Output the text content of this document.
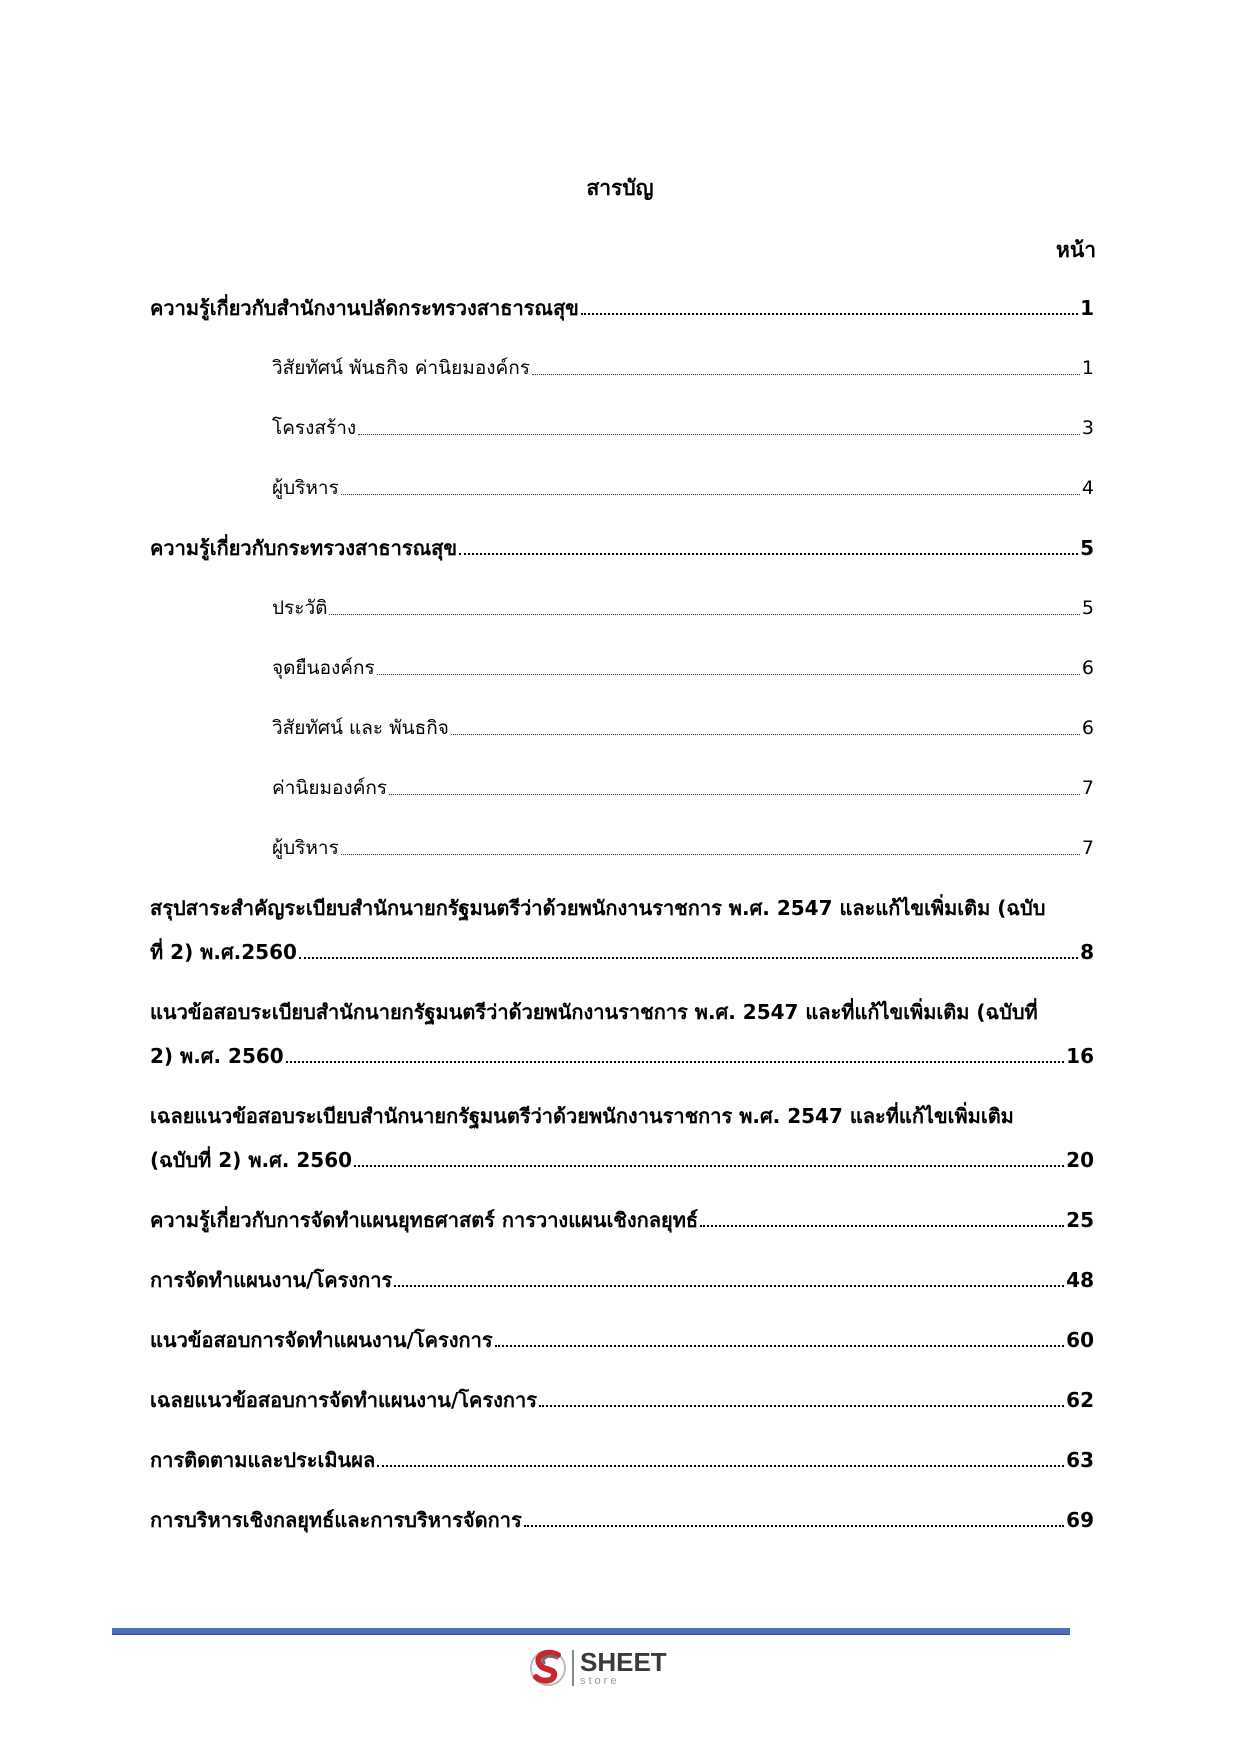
สารบัญ
หน้า
ความรู้เกี่ยวกับสำนักงานปลัดกระทรวงสาธารณสุข	1
วิสัยทัศน์ พันธกิจ ค่านิยมองค์กร	1
โครงสร้าง	3
ผู้บริหาร	4
ความรู้เกี่ยวกับกระทรวงสาธารณสุข	5
ประวัติ	5
จุดยืนองค์กร	6
วิสัยทัศน์ และ พันธกิจ	6
ค่านิยมองค์กร	7
ผู้บริหาร	7
สรุปสาระสำคัญระเบียบสำนักนายกรัฐมนตรีว่าด้วยพนักงานราชการ พ.ศ. 2547 และแก้ไขเพิ่มเติม (ฉบับ
ที่ 2) พ.ศ.2560	8
แนวข้อสอบระเบียบสำนักนายกรัฐมนตรีว่าด้วยพนักงานราชการ พ.ศ. 2547 และที่แก้ไขเพิ่มเติม (ฉบับที่
2) พ.ศ. 2560	16
เฉลยแนวข้อสอบระเบียบสำนักนายกรัฐมนตรีว่าด้วยพนักงานราชการ พ.ศ. 2547 และที่แก้ไขเพิ่มเติม
(ฉบับที่ 2) พ.ศ. 2560	20
ความรู้เกี่ยวกับการจัดทำแผนยุทธศาสตร์ การวางแผนเชิงกลยุทธ์	25
การจัดทำแผนงาน/โครงการ	48
แนวข้อสอบการจัดทำแผนงาน/โครงการ	60
เฉลยแนวข้อสอบการจัดทำแผนงาน/โครงการ	62
การติดตามและประเมินผล	63
การบริหารเชิงกลยุทธ์และการบริหารจัดการ	69
SHEET
store
